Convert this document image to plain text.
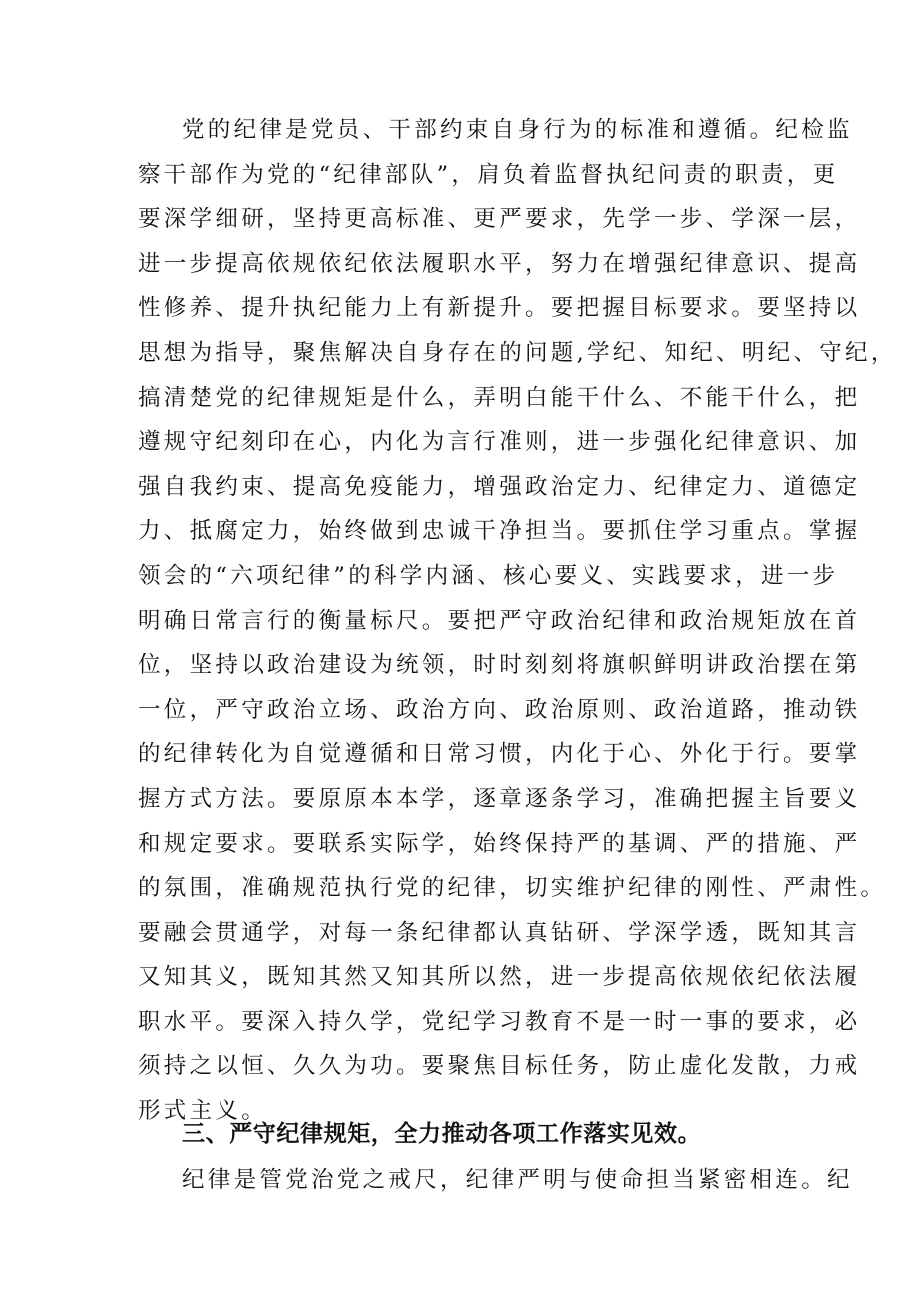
党的纪律是党员、干部约束自身行为的标准和遵循。纪检监
察干部作为党的“纪律部队”，肩负着监督执纪问责的职责，更
要深学细研，坚持更高标准、更严要求，先学一步、学深一层，
进一步提高依规依纪依法履职水平，努力在增强纪律意识、提高
性修养、提升执纪能力上有新提升。要把握目标要求。要坚持以
思想为指导，聚焦解决自身存在的问题,学纪、知纪、明纪、守纪，
搞清楚党的纪律规矩是什么，弄明白能干什么、不能干什么，把
遵规守纪刻印在心，内化为言行准则，进一步强化纪律意识、加
强自我约束、提高免疫能力，增强政治定力、纪律定力、道德定
力、抵腐定力，始终做到忠诚干净担当。要抓住学习重点。掌握
领会的“六项纪律”的科学内涵、核心要义、实践要求，进一步
明确日常言行的衡量标尺。要把严守政治纪律和政治规矩放在首
位，坚持以政治建设为统领，时时刻刻将旗帜鲜明讲政治摆在第
一位，严守政治立场、政治方向、政治原则、政治道路，推动铁
的纪律转化为自觉遵循和日常习惯，内化于心、外化于行。要掌
握方式方法。要原原本本学，逐章逐条学习，准确把握主旨要义
和规定要求。要联系实际学，始终保持严的基调、严的措施、严
的氛围，准确规范执行党的纪律，切实维护纪律的刚性、严肃性。
要融会贯通学，对每一条纪律都认真钻研、学深学透，既知其言
又知其义，既知其然又知其所以然，进一步提高依规依纪依法履
职水平。要深入持久学，党纪学习教育不是一时一事的要求，必
须持之以恒、久久为功。要聚焦目标任务，防止虚化发散，力戒
形式主义。
三、严守纪律规矩，全力推动各项工作落实见效。
纪律是管党治党之戒尺，纪律严明与使命担当紧密相连。纪
